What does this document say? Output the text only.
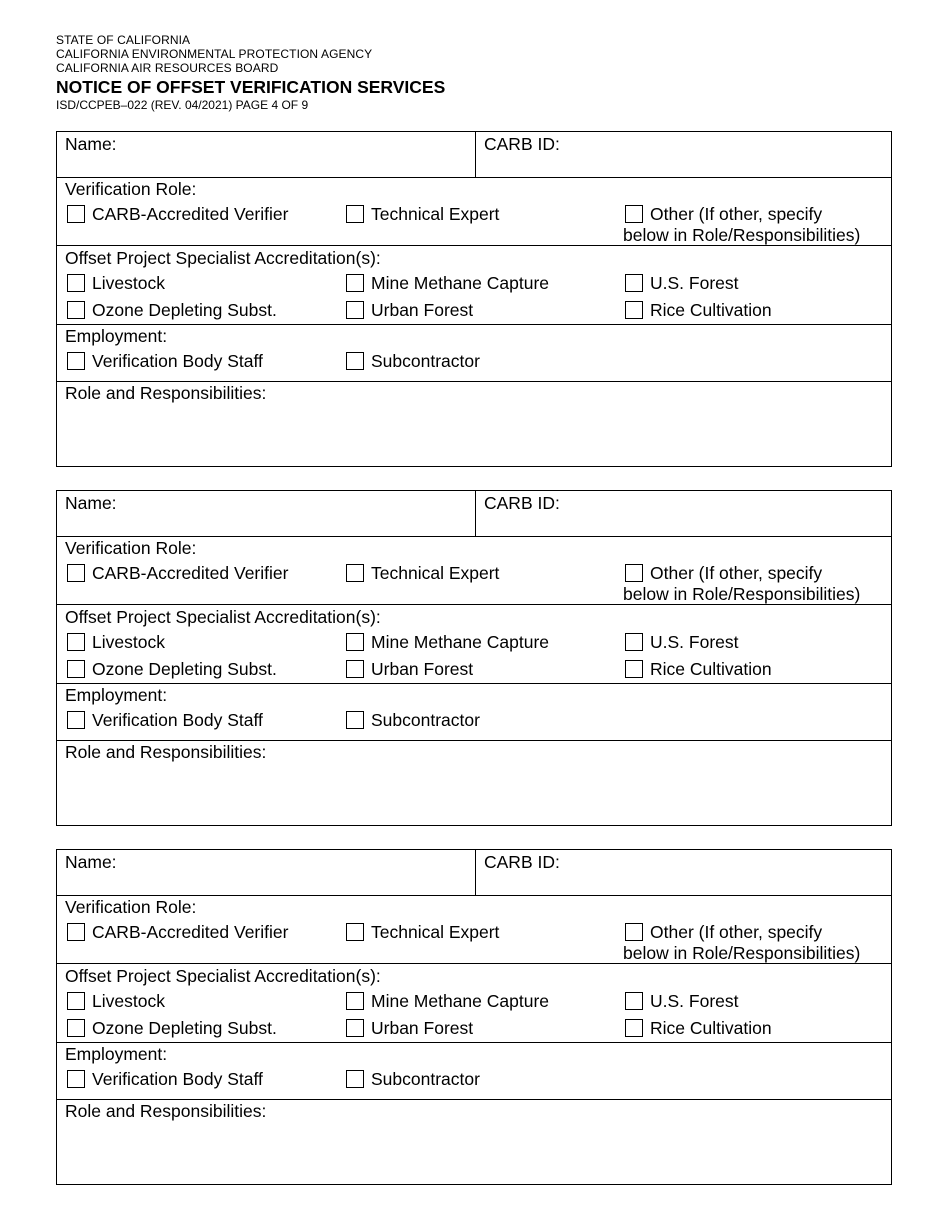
STATE OF CALIFORNIA
CALIFORNIA ENVIRONMENTAL PROTECTION AGENCY
CALIFORNIA AIR RESOURCES BOARD
NOTICE OF OFFSET VERIFICATION SERVICES
ISD/CCPEB–022 (REV. 04/2021) PAGE 4 OF 9
Name:	CARB ID:
Verification Role:
CARB-Accredited Verifier	Technical Expert	Other (If other, specify
below in Role/Responsibilities)
Offset Project Specialist Accreditation(s):
Livestock	Mine Methane Capture	U.S. Forest
Ozone Depleting Subst.	Urban Forest	Rice Cultivation
Employment:
Verification Body Staff	Subcontractor
Role and Responsibilities:
Name:	CARB ID:
Verification Role:
CARB-Accredited Verifier	Technical Expert	Other (If other, specify
below in Role/Responsibilities)
Offset Project Specialist Accreditation(s):
Livestock	Mine Methane Capture	U.S. Forest
Ozone Depleting Subst.	Urban Forest	Rice Cultivation
Employment:
Verification Body Staff	Subcontractor
Role and Responsibilities:
Name:	CARB ID:
Verification Role:
CARB-Accredited Verifier	Technical Expert	Other (If other, specify
below in Role/Responsibilities)
Offset Project Specialist Accreditation(s):
Livestock	Mine Methane Capture	U.S. Forest
Ozone Depleting Subst.	Urban Forest	Rice Cultivation
Employment:
Verification Body Staff	Subcontractor
Role and Responsibilities:
